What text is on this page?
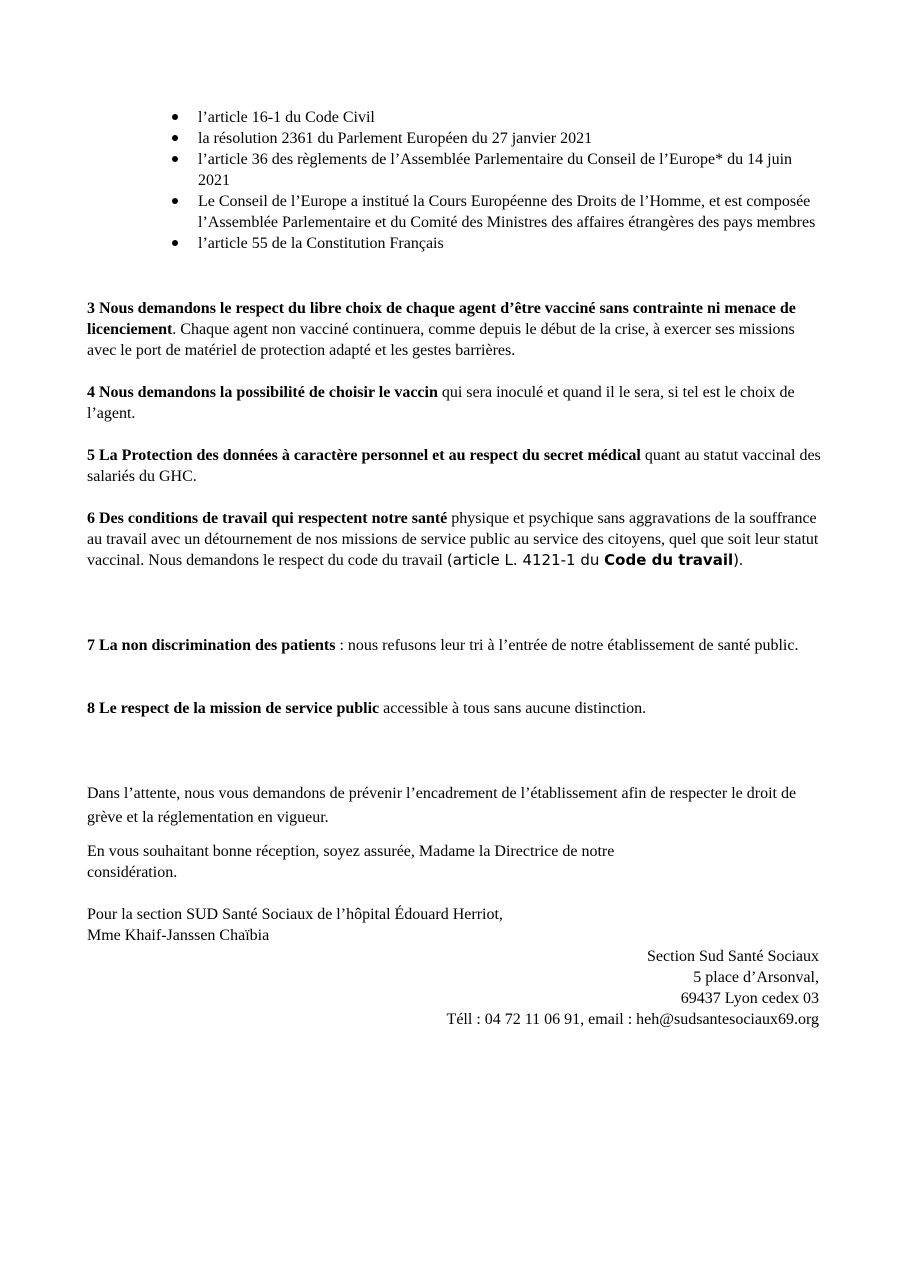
l’article 16-1 du Code Civil
la résolution 2361 du Parlement Européen du 27 janvier 2021
l’article 36 des règlements de l’Assemblée Parlementaire du Conseil de l’Europe* du 14 juin 2021
Le Conseil de l’Europe a institué la Cours Européenne des Droits de l’Homme, et est composée l’Assemblée Parlementaire et du Comité des Ministres des affaires étrangères des pays membres
l’article 55 de la Constitution Français

3 Nous demandons le respect du libre choix de chaque agent d’être vacciné sans contrainte ni menace de licenciement. Chaque agent non vacciné continuera, comme depuis le début de la crise, à exercer ses missions avec le port de matériel de protection adapté et les gestes barrières.

4 Nous demandons la possibilité de choisir le vaccin qui sera inoculé et quand il le sera, si tel est le choix de l’agent.

5 La Protection des données à caractère personnel et au respect du secret médical quant au statut vaccinal des salariés du GHC.

6 Des conditions de travail qui respectent notre santé physique et psychique sans aggravations de la souffrance au travail avec un détournement de nos missions de service public au service des citoyens, quel que soit leur statut vaccinal. Nous demandons le respect du code du travail (article L. 4121-1 du Code du travail).

7 La non discrimination des patients : nous refusons leur tri à l’entrée de notre établissement de santé public.

8 Le respect de la mission de service public accessible à tous sans aucune distinction.

Dans l’attente, nous vous demandons de prévenir l’encadrement de l’établissement afin de respecter le droit de grève et la réglementation en vigueur.

En vous souhaitant bonne réception, soyez assurée, Madame la Directrice de notre considération.

Pour la section SUD Santé Sociaux de l’hôpital Édouard Herriot,

Mme Khaif-Janssen Chaïbia

Section Sud Santé Sociaux
5 place d’Arsonval,
69437 Lyon cedex 03
Téll : 04 72 11 06 91, email : heh@sudsantesociaux69.org
